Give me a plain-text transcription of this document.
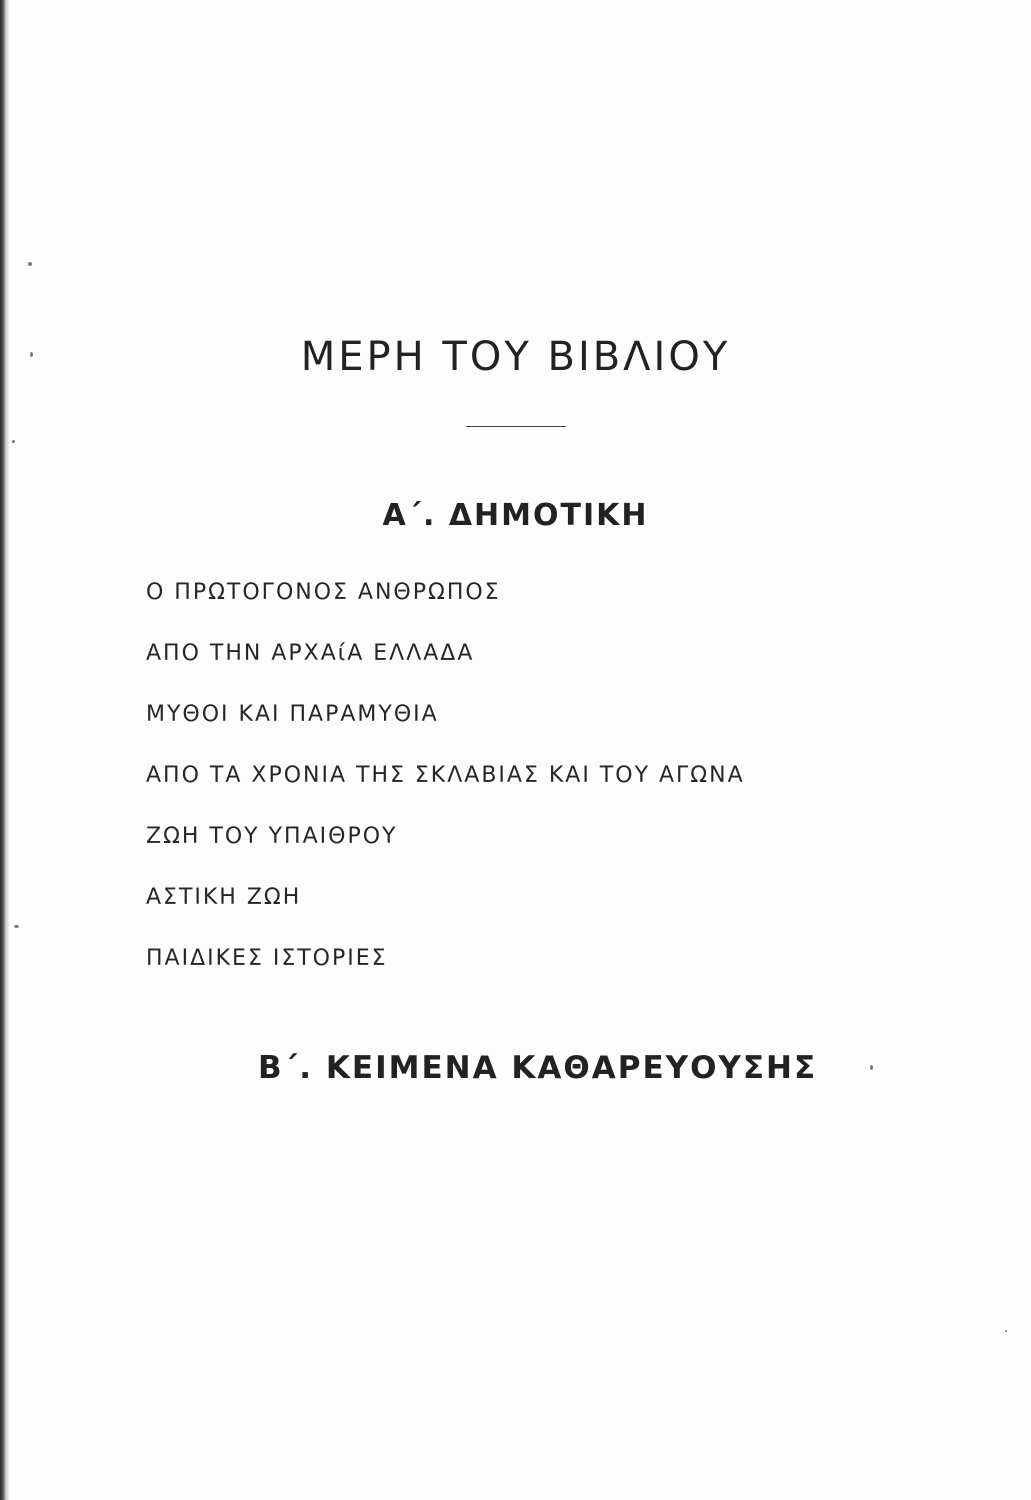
ΜΕΡΗ ΤΟΥ ΒΙΒΛΙΟΥ
Α΄. ΔΗΜΟΤΙΚΗ
Ο ΠΡΩΤΟΓΟΝΟΣ ΑΝΘΡΩΠΟΣ
ΑΠΟ ΤΗΝ ΑΡΧΑίΑ ΕΛΛΑΔΑ
ΜΥΘΟΙ ΚΑΙ ΠΑΡΑΜΥΘΙΑ
ΑΠΟ ΤΑ ΧΡΟΝΙΑ ΤΗΣ ΣΚΛΑΒΙΑΣ ΚΑΙ ΤΟΥ ΑΓΩΝΑ
ΖΩΗ ΤΟΥ ΥΠΑΙΘΡΟΥ
ΑΣΤΙΚΗ ΖΩΗ
ΠΑΙΔΙΚΕΣ ΙΣΤΟΡΙΕΣ
Β΄. ΚΕΙΜΕΝΑ ΚΑΘΑΡΕΥΟΥΣΗΣ
